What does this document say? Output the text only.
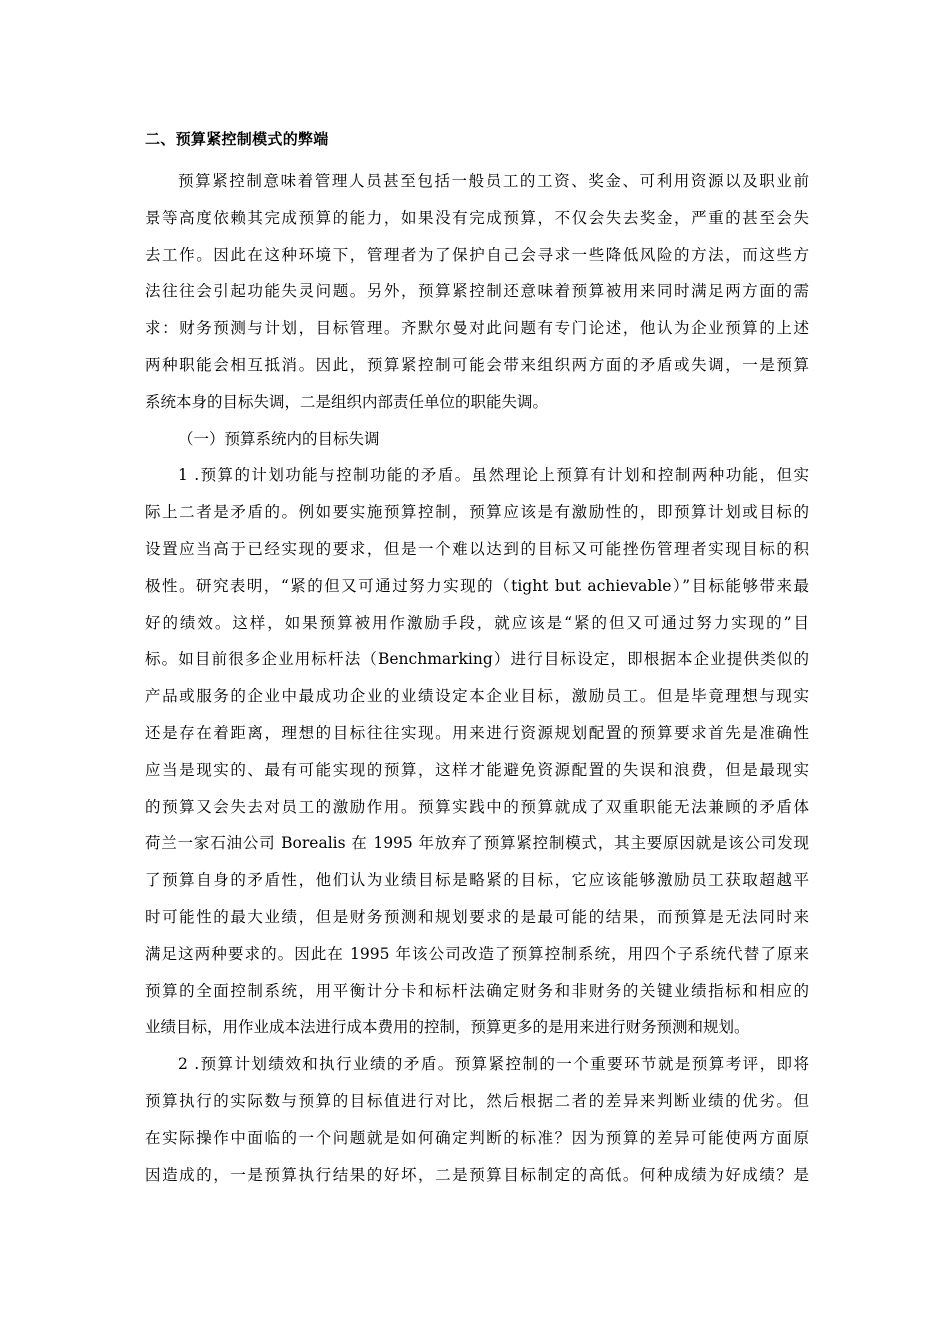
二、预算紧控制模式的弊端
预算紧控制意味着管理人员甚至包括一般员工的工资、奖金、可利用资源以及职业前
景等高度依赖其完成预算的能力，如果没有完成预算，不仅会失去奖金，严重的甚至会失
去工作。因此在这种环境下，管理者为了保护自己会寻求一些降低风险的方法，而这些方
法往往会引起功能失灵问题。另外，预算紧控制还意味着预算被用来同时满足两方面的需
求：财务预测与计划，目标管理。齐默尔曼对此问题有专门论述，他认为企业预算的上述
两种职能会相互抵消。因此，预算紧控制可能会带来组织两方面的矛盾或失调，一是预算
系统本身的目标失调，二是组织内部责任单位的职能失调。
（一）预算系统内的目标失调
1 .预算的计划功能与控制功能的矛盾。虽然理论上预算有计划和控制两种功能，但实
际上二者是矛盾的。例如要实施预算控制，预算应该是有激励性的，即预算计划或目标的
设置应当高于已经实现的要求，但是一个难以达到的目标又可能挫伤管理者实现目标的积
极性。研究表明，“紧的但又可通过努力实现的（tight but achievable）”目标能够带来最
好的绩效。这样，如果预算被用作激励手段，就应该是“紧的但又可通过努力实现的”目
标。如目前很多企业用标杆法（Benchmarking）进行目标设定，即根据本企业提供类似的
产品或服务的企业中最成功企业的业绩设定本企业目标，激励员工。但是毕竟理想与现实
还是存在着距离，理想的目标往往实现。用来进行资源规划配置的预算要求首先是准确性
应当是现实的、最有可能实现的预算，这样才能避免资源配置的失误和浪费，但是最现实
的预算又会失去对员工的激励作用。预算实践中的预算就成了双重职能无法兼顾的矛盾体
荷兰一家石油公司 Borealis 在 1995 年放弃了预算紧控制模式，其主要原因就是该公司发现
了预算自身的矛盾性，他们认为业绩目标是略紧的目标，它应该能够激励员工获取超越平
时可能性的最大业绩，但是财务预测和规划要求的是最可能的结果，而预算是无法同时来
满足这两种要求的。因此在 1995 年该公司改造了预算控制系统，用四个子系统代替了原来
预算的全面控制系统，用平衡计分卡和标杆法确定财务和非财务的关键业绩指标和相应的
业绩目标，用作业成本法进行成本费用的控制，预算更多的是用来进行财务预测和规划。
2 .预算计划绩效和执行业绩的矛盾。预算紧控制的一个重要环节就是预算考评，即将
预算执行的实际数与预算的目标值进行对比，然后根据二者的差异来判断业绩的优劣。但
在实际操作中面临的一个问题就是如何确定判断的标准？因为预算的差异可能使两方面原
因造成的，一是预算执行结果的好坏，二是预算目标制定的高低。何种成绩为好成绩？是
